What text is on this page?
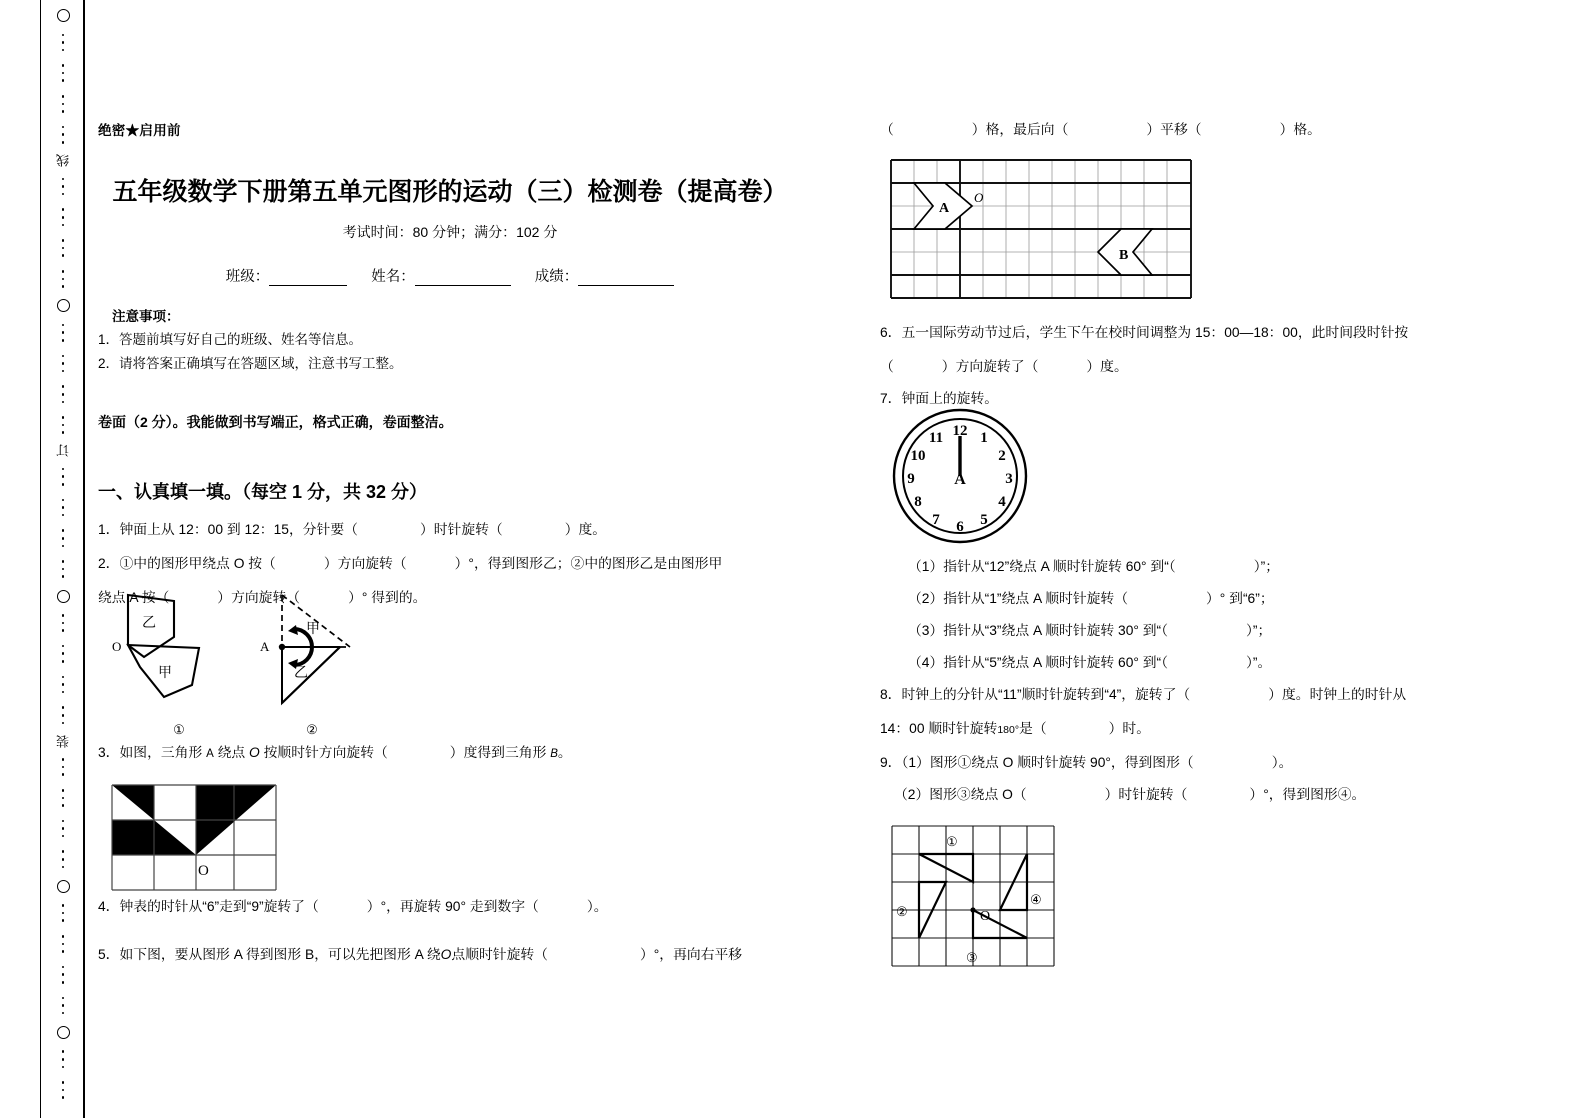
线
订
装
绝密★启用前
五年级数学下册第五单元图形的运动（三）检测卷（提高卷）
考试时间：80 分钟；满分：102 分
班级：	姓名：	成绩：
注意事项：
1．答题前填写好自己的班级、姓名等信息。
2．请将答案正确填写在答题区域，注意书写工整。
卷面（2 分）。我能做到书写端正，格式正确，卷面整洁。
一、认真填一填。（每空 1 分，共 32 分）
1．钟面上从 12：00 到 12：15，分针要（	）时针旋转（	）度。
2．①中的图形甲绕点 O 按（	）方向旋转（	）°，得到图形乙；②中的图形乙是由图形甲
绕点 A 按（	）方向旋转（	）° 得到的。
O
乙
甲
①
A
甲
乙
②
3．如图，三角形 A 绕点 O 按顺时针方向旋转（	）度得到三角形 B。
O
4．钟表的时针从“6”走到“9”旋转了（	）°，再旋转 90° 走到数字（	）。
5．如下图，要从图形 A 得到图形 B，可以先把图形 A 绕O点顺时针旋转（	）°，再向右平移
（	）格，最后向（	）平移（	）格。
A
O
B
6．五一国际劳动节过后，学生下午在校时间调整为 15：00—18：00，此时间段时针按
（	）方向旋转了（	）度。
7．钟面上的旋转。
12 1
2
3
4
5
6
7
8
9
10
11
A
（1）指针从“12”绕点 A 顺时针旋转 60° 到“（	）”；
（2）指针从“1”绕点 A 顺时针旋转（	）° 到“6”；
（3）指针从“3”绕点 A 顺时针旋转 30° 到“（	）”；
（4）指针从“5”绕点 A 顺时针旋转 60° 到“（	）”。
8．时钟上的分针从“11”顺时针旋转到“4”，旋转了（	）度。时钟上的时针从
14：00 顺时针旋转180°是（	）时。
9．（1）图形①绕点 O 顺时针旋转 90°，得到图形（	）。
（2）图形③绕点 O（	）时针旋转（	）°，得到图形④。
①
②
③
④
O
